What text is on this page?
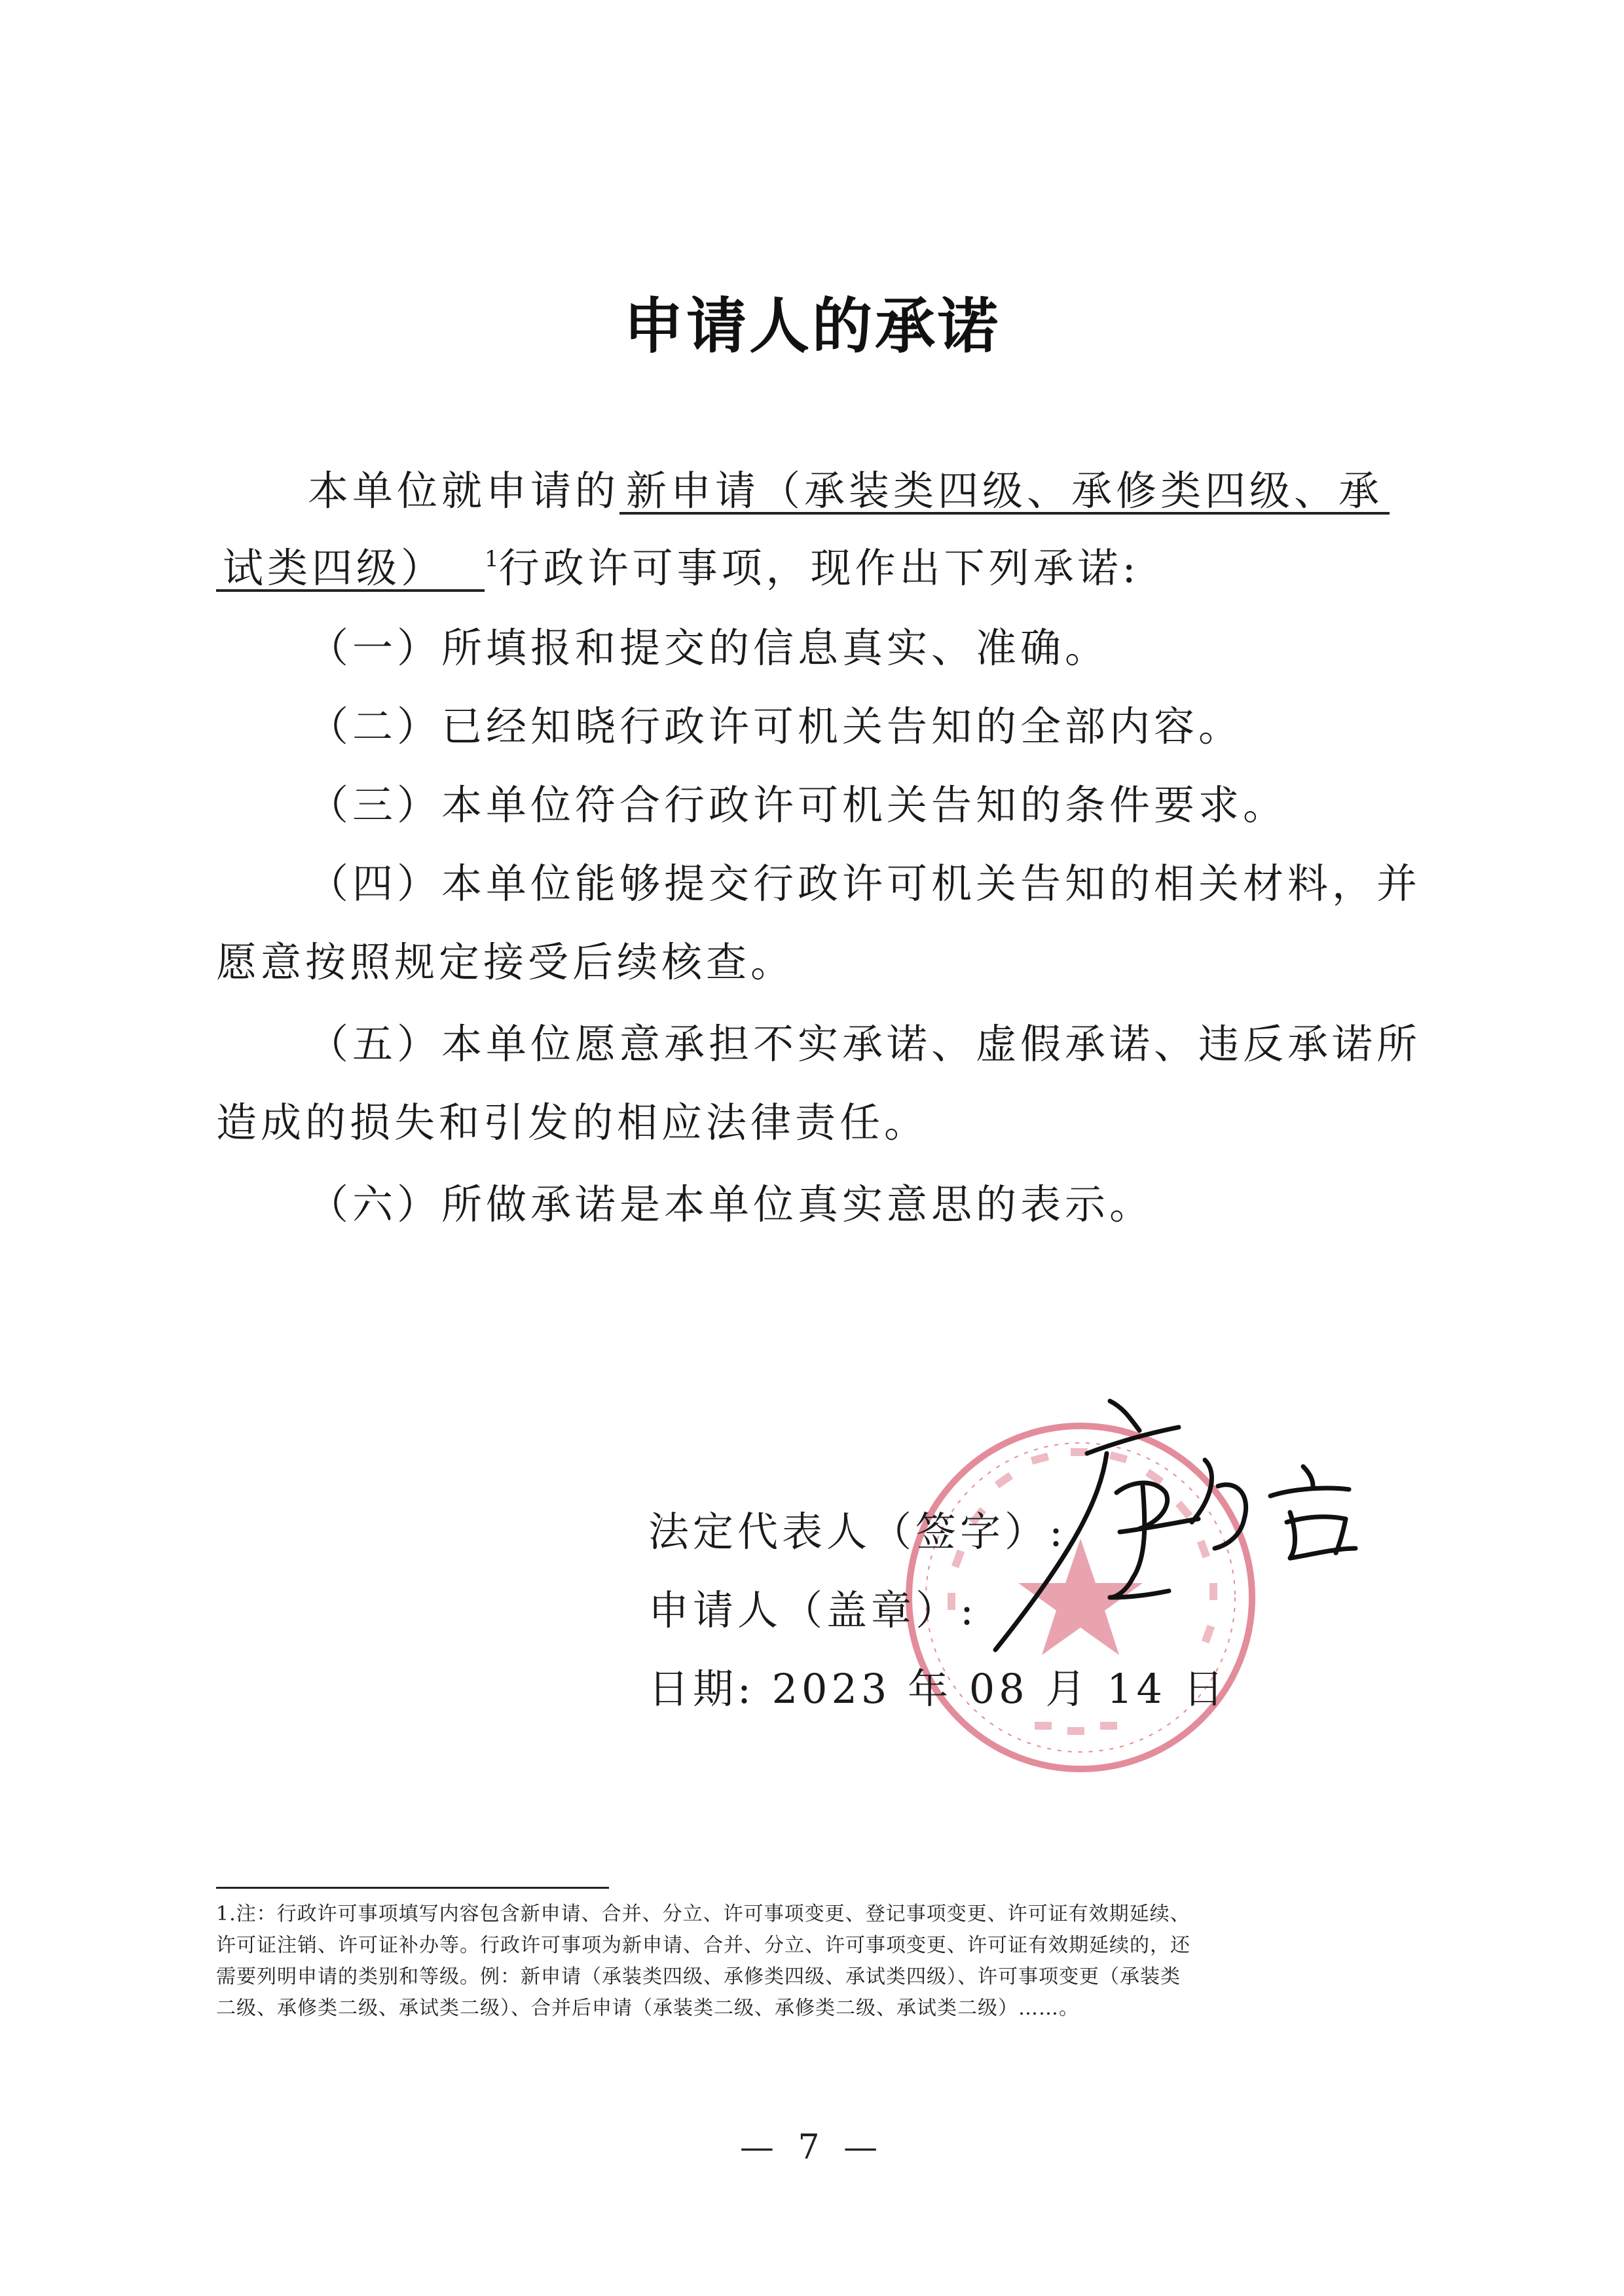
申请人的承诺
本单位就申请的 新申请（承装类四级、承修类四级、承
试类四级） $^1$行政许可事项，现作出下列承诺:
（一）所填报和提交的信息真实、准确。
（二）已经知晓行政许可机关告知的全部内容。
（三）本单位符合行政许可机关告知的条件要求。
（四）本单位能够提交行政许可机关告知的相关材料，并
愿意按照规定接受后续核查。
（五）本单位愿意承担不实承诺、虚假承诺、违反承诺所
造成的损失和引发的相应法律责任。
（六）所做承诺是本单位真实意思的表示。
法定代表人（签字）:
申请人（盖章）:
日期: 2023 年 08 月 14 日
1.注：行政许可事项填写内容包含新申请、合并、分立、许可事项变更、登记事项变更、许可证有效期延续、
许可证注销、许可证补办等。行政许可事项为新申请、合并、分立、许可事项变更、许可证有效期延续的，还
需要列明申请的类别和等级。例：新申请（承装类四级、承修类四级、承试类四级）、许可事项变更（承装类
二级、承修类二级、承试类二级）、合并后申请（承装类二级、承修类二级、承试类二级）……。
— 7 —
